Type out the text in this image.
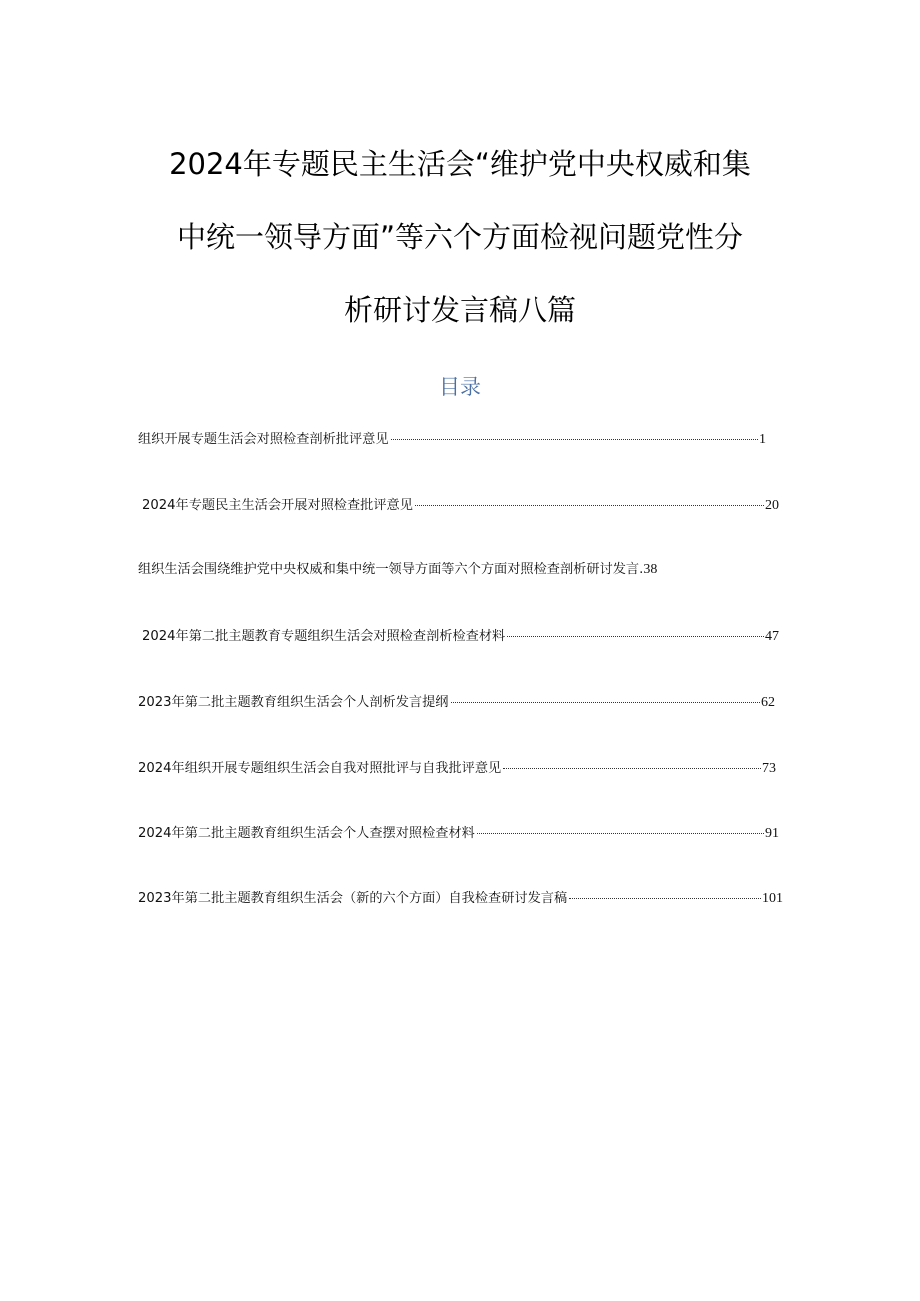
2024年专题民主生活会“维护党中央权威和集
中统一领导方面”等六个方面检视问题党性分
析研讨发言稿八篇
目录
组织开展专题生活会对照检查剖析批评意见	1
2024年专题民主生活会开展对照检查批评意见	20
组织生活会围绕维护党中央权威和集中统一领导方面等六个方面对照检查剖析研讨发言. 38
2024年第二批主题教育专题组织生活会对照检查剖析检查材料	47
2023年第二批主题教育组织生活会个人剖析发言提纲	62
2024年组织开展专题组织生活会自我对照批评与自我批评意见	73
2024年第二批主题教育组织生活会个人查摆对照检查材料	91
2023年第二批主题教育组织生活会（新的六个方面）自我检查研讨发言稿	101
